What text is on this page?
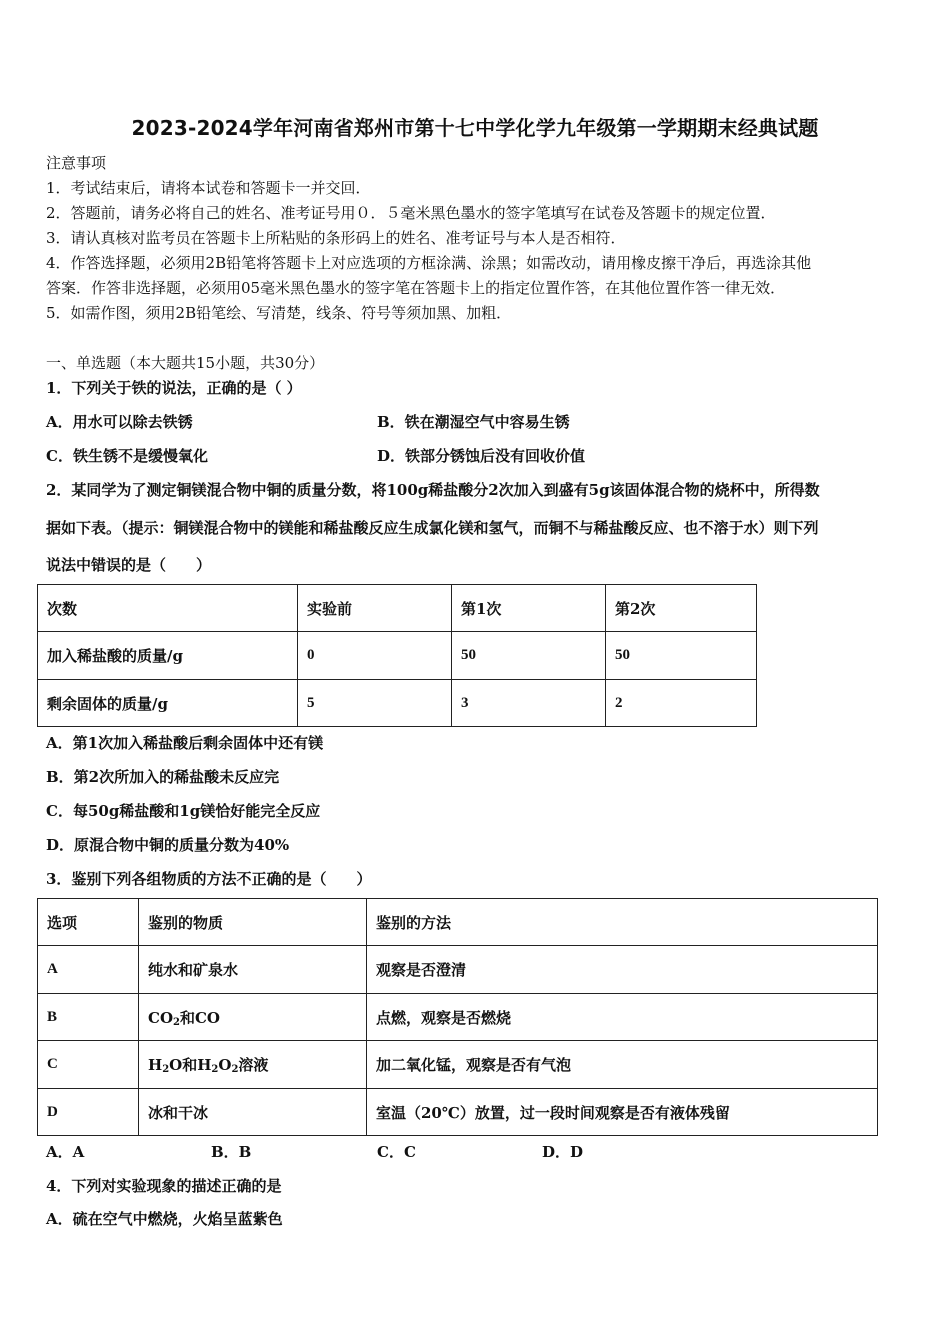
2023-2024学年河南省郑州市第十七中学化学九年级第一学期期末经典试题
注意事项
1．考试结束后，请将本试卷和答题卡一并交回．
2．答题前，请务必将自己的姓名、准考证号用０．５毫米黑色墨水的签字笔填写在试卷及答题卡的规定位置．
3．请认真核对监考员在答题卡上所粘贴的条形码上的姓名、准考证号与本人是否相符．
4．作答选择题，必须用2B铅笔将答题卡上对应选项的方框涂满、涂黑；如需改动，请用橡皮擦干净后，再选涂其他
答案．作答非选择题，必须用05毫米黑色墨水的签字笔在答题卡上的指定位置作答，在其他位置作答一律无效．
5．如需作图，须用2B铅笔绘、写清楚，线条、符号等须加黑、加粗．
一、单选题（本大题共15小题，共30分）
1．下列关于铁的说法，正确的是（ ）
A．用水可以除去铁锈	B．铁在潮湿空气中容易生锈
C．铁生锈不是缓慢氧化	D．铁部分锈蚀后没有回收价值
2．某同学为了测定铜镁混合物中铜的质量分数，将100g稀盐酸分2次加入到盛有5g该固体混合物的烧杯中，所得数
据如下表。（提示：铜镁混合物中的镁能和稀盐酸反应生成氯化镁和氢气，而铜不与稀盐酸反应、也不溶于水）则下列
说法中错误的是（　　）
次数	实验前	第1次	第2次
加入稀盐酸的质量/g	0	50	50
剩余固体的质量/g	5	3	2
A．第1次加入稀盐酸后剩余固体中还有镁
B．第2次所加入的稀盐酸未反应完
C．每50g稀盐酸和1g镁恰好能完全反应
D．原混合物中铜的质量分数为40%
3．鉴别下列各组物质的方法不正确的是（　　）
选项	鉴别的物质	鉴别的方法
A	纯水和矿泉水	观察是否澄清
B	$CO_2$和CO	点燃，观察是否燃烧
C	$H_2O$和$H_2O_2$溶液	加二氧化锰，观察是否有气泡
D	冰和干冰	室温（20℃）放置，过一段时间观察是否有液体残留
A．A	B．B	C．C	D．D
4．下列对实验现象的描述正确的是
A．硫在空气中燃烧，火焰呈蓝紫色
